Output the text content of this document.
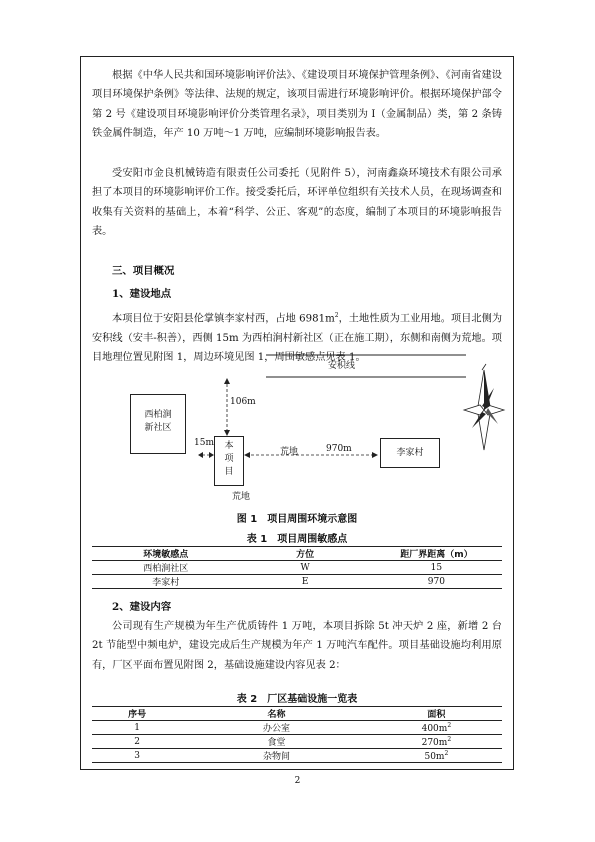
根据《中华人民共和国环境影响评价法》、《建设项目环境保护管理条例》、《河南省建设项目环境保护条例》等法律、法规的规定，该项目需进行环境影响评价。根据环境保护部令第 2 号《建设项目环境影响评价分类管理名录》，项目类别为 I（金属制品）类，第 2 条铸铁金属件制造，年产 10 万吨～1 万吨，应编制环境影响报告表。

受安阳市金良机械铸造有限责任公司委托（见附件 5），河南鑫焱环境技术有限公司承担了本项目的环境影响评价工作。接受委托后，环评单位组织有关技术人员，在现场调查和收集有关资料的基础上，本着“科学、公正、客观”的态度，编制了本项目的环境影响报告表。

三、项目概况

1、建设地点

本项目位于安阳县伦掌镇李家村西，占地 $6981m^2$，土地性质为工业用地。项目北侧为安积线（安丰-积善），西侧 15m 为西柏涧村新社区（正在施工期），东侧和南侧为荒地。项目地理位置见附图 1，周边环境见图 1，周围敏感点见表 1。

安积线
西柏涧
新社区
本
项
目
李家村
106m
15m
荒地	970m
荒地

图 1　项目周围环境示意图

表 1　项目周围敏感点

环境敏感点	方位	距厂界距离（m）
西柏涧社区	W	15
李家村	E	970

2、建设内容

公司现有生产规模为年生产优质铸件 1 万吨，本项目拆除 5t 冲天炉 2 座，新增 2 台 2t 节能型中频电炉，建设完成后生产规模为年产 1 万吨汽车配件。项目基础设施均利用原有，厂区平面布置见附图 2，基础设施建设内容见表 2：

表 2　厂区基础设施一览表

序号	名称	面积
1	办公室	$400m^2$
2	食堂	$270m^2$
3	杂物间	$50m^2$
2
